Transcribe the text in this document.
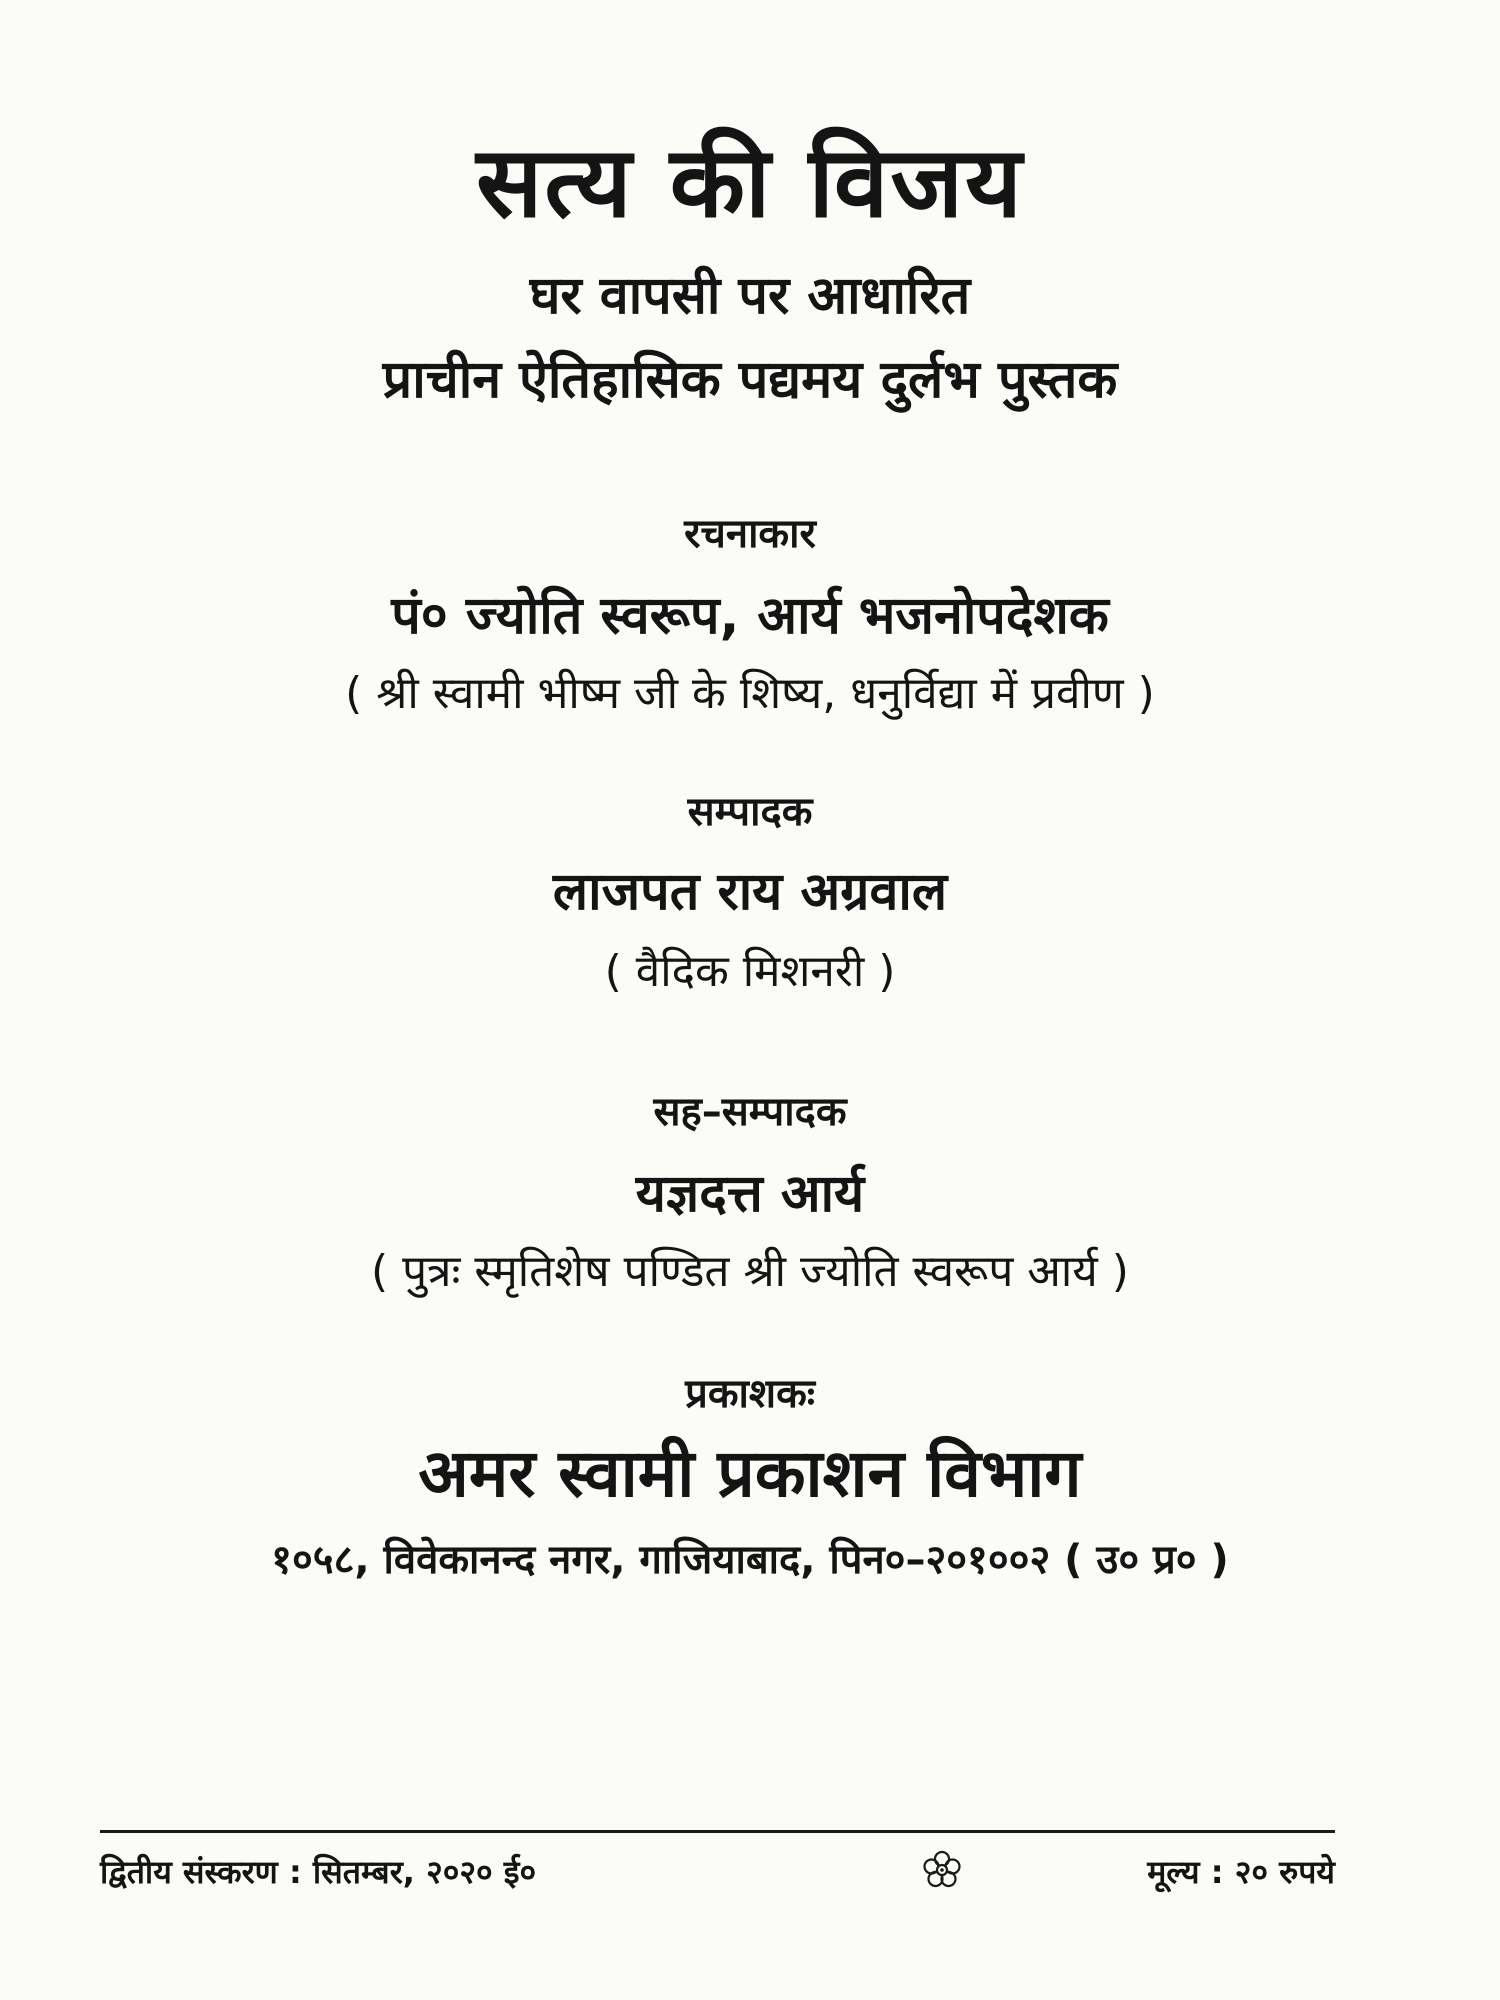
सत्य की विजय
घर वापसी पर आधारित
प्राचीन ऐतिहासिक पद्यमय दुर्लभ पुस्तक
रचनाकार
पं० ज्योति स्वरूप, आर्य भजनोपदेशक
( श्री स्वामी भीष्म जी के शिष्य, धनुर्विद्या में प्रवीण )
सम्पादक
लाजपत राय अग्रवाल
( वैदिक मिशनरी )
सह–सम्पादक
यज्ञदत्त आर्य
( पुत्रः स्मृतिशेष पण्डित श्री ज्योति स्वरूप आर्य )
प्रकाशकः
अमर स्वामी प्रकाशन विभाग
१०५८, विवेकानन्द नगर, गाजियाबाद, पिन०–२०१००२ ( उ० प्र० )
द्वितीय संस्करण : सितम्बर, २०२० ई०	मूल्य : २० रुपये
